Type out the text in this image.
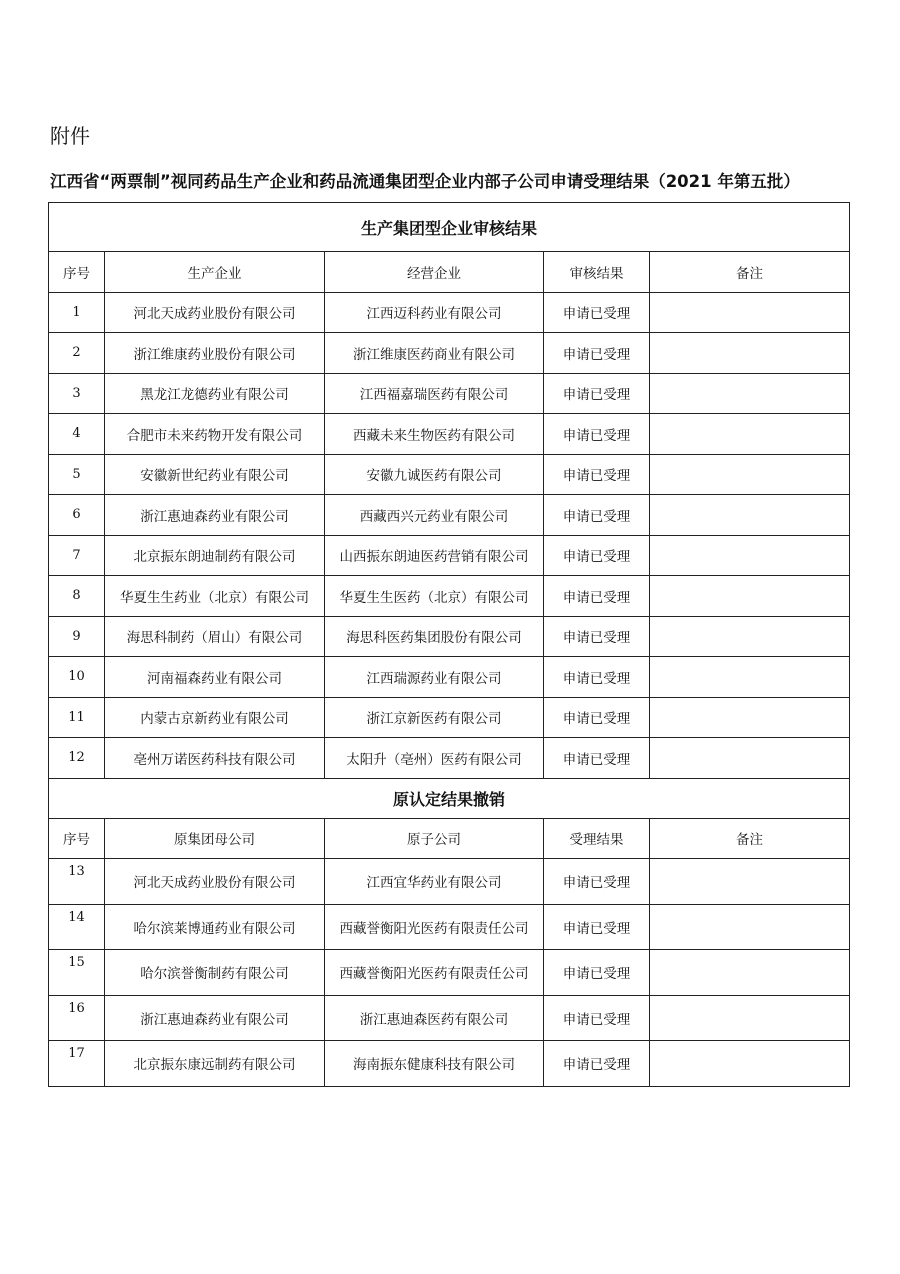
附件
江西省“两票制”视同药品生产企业和药品流通集团型企业内部子公司申请受理结果（2021 年第五批）
生产集团型企业审核结果				
序号	生产企业	经营企业	审核结果	备注
1	河北天成药业股份有限公司	江西迈科药业有限公司	申请已受理	
2	浙江维康药业股份有限公司	浙江维康医药商业有限公司	申请已受理	
3	黑龙江龙德药业有限公司	江西福嘉瑞医药有限公司	申请已受理	
4	合肥市未来药物开发有限公司	西藏未来生物医药有限公司	申请已受理	
5	安徽新世纪药业有限公司	安徽九诚医药有限公司	申请已受理	
6	浙江惠迪森药业有限公司	西藏西兴元药业有限公司	申请已受理	
7	北京振东朗迪制药有限公司	山西振东朗迪医药营销有限公司	申请已受理	
8	华夏生生药业（北京）有限公司	华夏生生医药（北京）有限公司	申请已受理	
9	海思科制药（眉山）有限公司	海思科医药集团股份有限公司	申请已受理	
10	河南福森药业有限公司	江西瑞源药业有限公司	申请已受理	
11	内蒙古京新药业有限公司	浙江京新医药有限公司	申请已受理	
12	亳州万诺医药科技有限公司	太阳升（亳州）医药有限公司	申请已受理	
原认定结果撤销				
序号	原集团母公司	原子公司	受理结果	备注
13	河北天成药业股份有限公司	江西宜华药业有限公司	申请已受理	
14	哈尔滨莱博通药业有限公司	西藏誉衡阳光医药有限责任公司	申请已受理	
15	哈尔滨誉衡制药有限公司	西藏誉衡阳光医药有限责任公司	申请已受理	
16	浙江惠迪森药业有限公司	浙江惠迪森医药有限公司	申请已受理	
17	北京振东康远制药有限公司	海南振东健康科技有限公司	申请已受理	
